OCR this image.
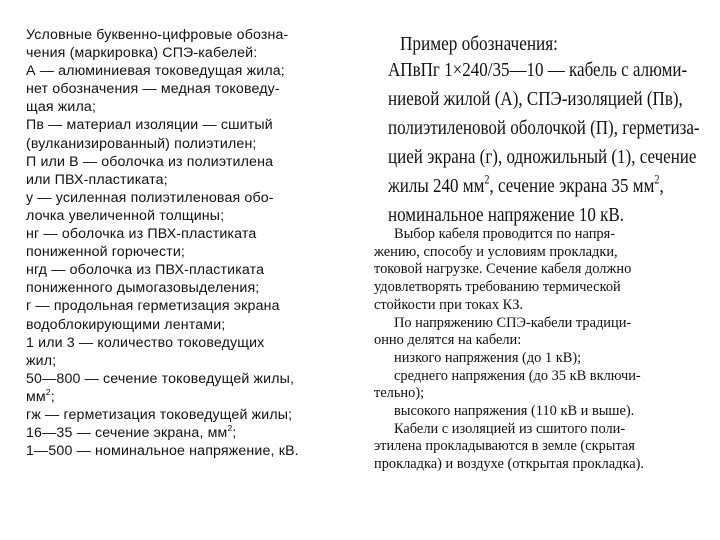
Условные буквенно-цифровые обозна-
чения (маркировка) СПЭ-кабелей:
А — алюминиевая токоведущая жила;
нет обозначения — медная токоведу-
щая жила;
Пв — материал изоляции — сшитый
(вулканизированный) полиэтилен;
П или В — оболочка из полиэтилена
или ПВХ-пластиката;
у — усиленная полиэтиленовая обо-
лочка увеличенной толщины;
нг — оболочка из ПВХ-пластиката
пониженной горючести;
нгд — оболочка из ПВХ-пластиката
пониженного дымогазовыделения;
г — продольная герметизация экрана
водоблокирующими лентами;
1 или 3 — количество токоведущих
жил;
50—800 — сечение токоведущей жилы,
$мм^2$;
гж — герметизация токоведущей жилы;
16—35 — сечение экрана, $мм^2$;
1—500 — номинальное напряжение, кВ.
Пример обозначения:
АПвПг 1×240/35—10 — кабель с алюми-
ниевой жилой (А), СПЭ-изоляцией (Пв),
полиэтиленовой оболочкой (П), герметиза-
цией экрана (г), одножильный (1), сечение
жилы 240 $мм^2$, сечение экрана 35 $мм^2$,
номинальное напряжение 10 кВ.
Выбор кабеля проводится по напря-
жению, способу и условиям прокладки,
токовой нагрузке. Сечение кабеля должно
удовлетворять требованию термической
стойкости при токах КЗ.
По напряжению СПЭ-кабели традици-
онно делятся на кабели:
низкого напряжения (до 1 кВ);
среднего напряжения (до 35 кВ включи-
тельно);
высокого напряжения (110 кВ и выше).
Кабели с изоляцией из сшитого поли-
этилена прокладываются в земле (скрытая
прокладка) и воздухе (открытая прокладка).
